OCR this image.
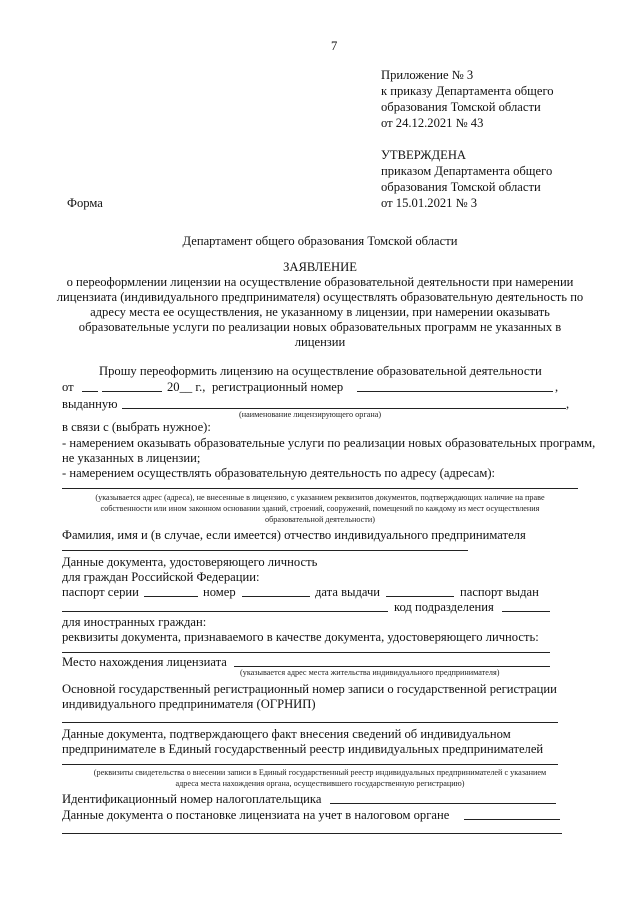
7
Приложение № 3
к приказу Департамента общего
образования Томской области
от 24.12.2021 № 43
УТВЕРЖДЕНА
приказом Департамента общего
образования Томской области
от 15.01.2021 № 3
Форма
Департамент общего образования Томской области
ЗАЯВЛЕНИЕ
о переоформлении лицензии на осуществление образовательной деятельности при намерении
лицензиата (индивидуального предпринимателя) осуществлять образовательную деятельность по
адресу места ее осуществления, не указанному в лицензии, при намерении оказывать
образовательные услуги по реализации новых образовательных программ не указанных в
лицензии
Прошу переоформить лицензию на осуществление образовательной деятельности
от	20__ г., регистрационный номер	,
выданную	,
(наименование лицензирующего органа)
в связи с (выбрать нужное):
- намерением оказывать образовательные услуги по реализации новых образовательных программ,
не указанных в лицензии;
- намерением осуществлять образовательную деятельность по адресу (адресам):
(указывается адрес (адреса), не внесенные в лицензию, с указанием реквизитов документов, подтверждающих наличие на праве
собственности или ином законном основании зданий, строений, сооружений, помещений по каждому из мест осуществления
образовательной деятельности)
Фамилия, имя и (в случае, если имеется) отчество индивидуального предпринимателя
Данные документа, удостоверяющего личность
для граждан Российской Федерации:
паспорт серии	номер	дата выдачи	паспорт выдан
код подразделения
для иностранных граждан:
реквизиты документа, признаваемого в качестве документа, удостоверяющего личность:
Место нахождения лицензиата
(указывается адрес места жительства индивидуального предпринимателя)
Основной государственный регистрационный номер записи о государственной регистрации
индивидуального предпринимателя (ОГРНИП)
Данные документа, подтверждающего факт внесения сведений об индивидуальном
предпринимателе в Единый государственный реестр индивидуальных предпринимателей
(реквизиты свидетельства о внесении записи в Единый государственный реестр индивидуальных предпринимателей с указанием
адреса места нахождения органа, осуществившего государственную регистрацию)
Идентификационный номер налогоплательщика
Данные документа о постановке лицензиата на учет в налоговом органе
